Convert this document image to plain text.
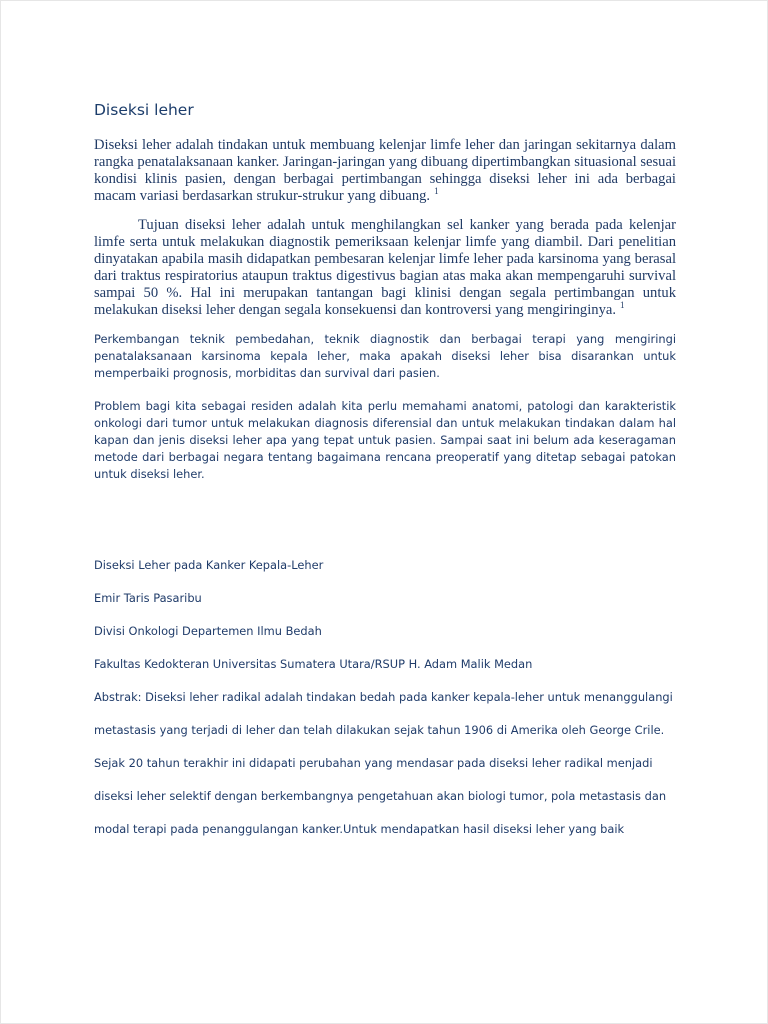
Diseksi leher

Diseksi leher adalah tindakan untuk membuang kelenjar limfe leher dan jaringan sekitarnya dalam rangka penatalaksanaan kanker. Jaringan-jaringan yang dibuang dipertimbangkan situasional sesuai kondisi klinis pasien, dengan berbagai pertimbangan sehingga diseksi leher ini ada berbagai macam variasi berdasarkan strukur-strukur yang dibuang. $^1$

Tujuan diseksi leher adalah untuk menghilangkan sel kanker yang berada pada kelenjar limfe serta untuk melakukan diagnostik pemeriksaan kelenjar limfe yang diambil. Dari penelitian dinyatakan apabila masih didapatkan pembesaran kelenjar limfe leher pada karsinoma yang berasal dari traktus respiratorius ataupun traktus digestivus bagian atas maka akan mempengaruhi survival sampai 50 %. Hal ini merupakan tantangan bagi klinisi dengan segala pertimbangan untuk melakukan diseksi leher dengan segala konsekuensi dan kontroversi yang mengiringinya. $^1$

Perkembangan teknik pembedahan, teknik diagnostik dan berbagai terapi yang mengiringi penatalaksanaan karsinoma kepala leher, maka apakah diseksi leher bisa disarankan untuk memperbaiki prognosis, morbiditas dan survival dari pasien.

Problem bagi kita sebagai residen adalah kita perlu memahami anatomi, patologi dan karakteristik onkologi dari tumor untuk melakukan diagnosis diferensial dan untuk melakukan tindakan dalam hal kapan dan jenis diseksi leher apa yang tepat untuk pasien. Sampai saat ini belum ada keseragaman metode dari berbagai negara tentang bagaimana rencana preoperatif yang ditetap sebagai patokan untuk diseksi leher.

Diseksi Leher pada Kanker Kepala-Leher
Emir Taris Pasaribu
Divisi Onkologi Departemen Ilmu Bedah
Fakultas Kedokteran Universitas Sumatera Utara/RSUP H. Adam Malik Medan
Abstrak: Diseksi leher radikal adalah tindakan bedah pada kanker kepala-leher untuk menanggulangi
metastasis yang terjadi di leher dan telah dilakukan sejak tahun 1906 di Amerika oleh George Crile.
Sejak 20 tahun terakhir ini didapati perubahan yang mendasar pada diseksi leher radikal menjadi
diseksi leher selektif dengan berkembangnya pengetahuan akan biologi tumor, pola metastasis dan
modal terapi pada penanggulangan kanker.Untuk mendapatkan hasil diseksi leher yang baik
